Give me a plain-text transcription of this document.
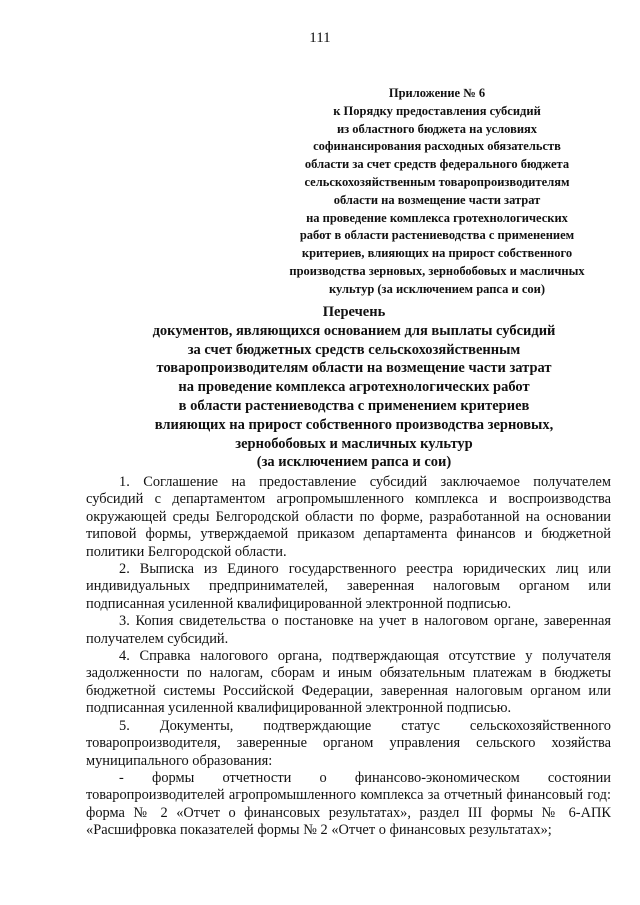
111
Приложение № 6
к Порядку предоставления субсидий
из областного бюджета на условиях
софинансирования расходных обязательств
области за счет средств федерального бюджета
сельскохозяйственным товаропроизводителям
области на возмещение части затрат
на проведение комплекса гротехнологических
работ в области растениеводства с применением
критериев, влияющих на прирост собственного
производства зерновых, зернобобовых и масличных
культур (за исключением рапса и сои)
Перечень
документов, являющихся основанием для выплаты субсидий
за счет бюджетных средств сельскохозяйственным
товаропроизводителям области на возмещение части затрат
на проведение комплекса агротехнологических работ
в области растениеводства с применением критериев
влияющих на прирост собственного производства зерновых,
зернобобовых и масличных культур
(за исключением рапса и сои)

1. Соглашение на предоставление субсидий заключаемое получателем субсидий с департаментом агропромышленного комплекса и воспроизводства окружающей среды Белгородской области по форме, разработанной на основании типовой формы, утверждаемой приказом департамента финансов и бюджетной политики Белгородской области.

2. Выписка из Единого государственного реестра юридических лиц или индивидуальных предпринимателей, заверенная налоговым органом или подписанная усиленной квалифицированной электронной подписью.

3. Копия свидетельства о постановке на учет в налоговом органе, заверенная получателем субсидий.

4. Справка налогового органа, подтверждающая отсутствие у получателя задолженности по налогам, сборам и иным обязательным платежам в бюджеты бюджетной системы Российской Федерации, заверенная налоговым органом или подписанная усиленной квалифицированной электронной подписью.

5. Документы, подтверждающие статус сельскохозяйственного товаропроизводителя, заверенные органом управления сельского хозяйства муниципального образования:

- формы отчетности о финансово-экономическом состоянии товаропроизводителей агропромышленного комплекса за отчетный финансовый год: форма № 2 «Отчет о финансовых результатах», раздел III формы № 6-АПК «Расшифровка показателей формы № 2 «Отчет о финансовых результатах»;
